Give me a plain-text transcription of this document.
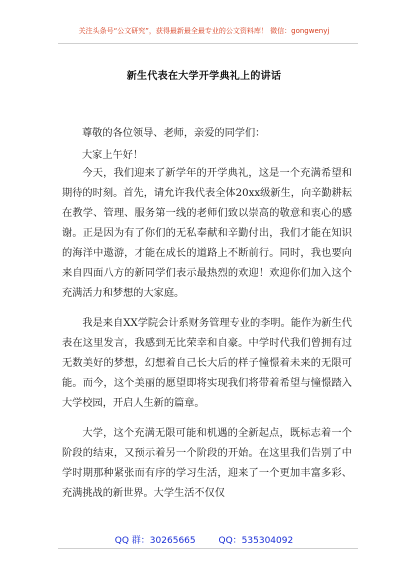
关注头条号“公文研究”，获得最新最全最专业的公文资料库！ 微信：gongwenyj
新生代表在大学开学典礼上的讲话
尊敬的各位领导、老师，亲爱的同学们：
大家上午好！

今天，我们迎来了新学年的开学典礼，这是一个充满希望和期待的时刻。首先，请允许我代表全体20xx级新生，向辛勤耕耘在教学、管理、服务第一线的老师们致以崇高的敬意和衷心的感谢。正是因为有了你们的无私奉献和辛勤付出，我们才能在知识的海洋中遨游，才能在成长的道路上不断前行。同时，我也要向来自四面八方的新同学们表示最热烈的欢迎！欢迎你们加入这个充满活力和梦想的大家庭。

我是来自XX学院会计系财务管理专业的李明。能作为新生代表在这里发言，我感到无比荣幸和自豪。中学时代我们曾拥有过无数美好的梦想，幻想着自己长大后的样子憧憬着未来的无限可能。而今，这个美丽的愿望即将实现我们将带着希望与憧憬踏入大学校园，开启人生新的篇章。

大学，这个充满无限可能和机遇的全新起点，既标志着一个阶段的结束，又预示着另一个阶段的开始。在这里我们告别了中学时期那种紧张而有序的学习生活，迎来了一个更加丰富多彩、充满挑战的新世界。大学生活不仅仅

QQ 群：30265665	QQ：535304092
